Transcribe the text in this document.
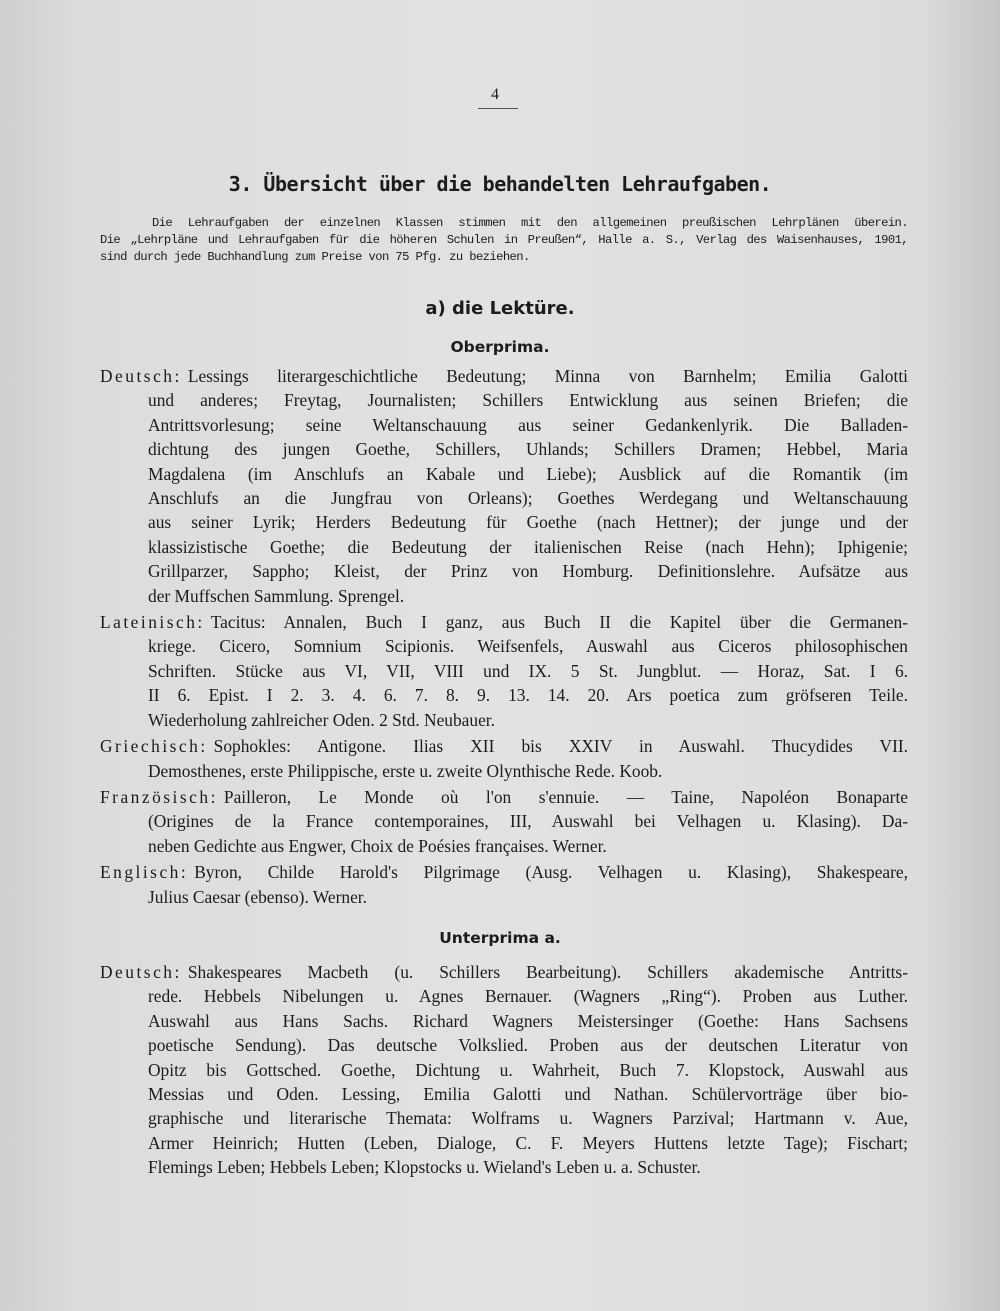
4
3. Übersicht über die behandelten Lehraufgaben.
Die Lehraufgaben der einzelnen Klassen stimmen mit den allgemeinen preußischen Lehrplänen überein.
Die „Lehrpläne und Lehraufgaben für die höheren Schulen in Preußen“, Halle a. S., Verlag des Waisenhauses, 1901,
sind durch jede Buchhandlung zum Preise von 75 Pfg. zu beziehen.
a) die Lektüre.
Oberprima.
Deutsch: Lessings literargeschichtliche Bedeutung; Minna von Barnhelm; Emilia Galotti
und anderes; Freytag, Journalisten; Schillers Entwicklung aus seinen Briefen; die
Antrittsvorlesung; seine Weltanschauung aus seiner Gedankenlyrik. Die Balladen-
dichtung des jungen Goethe, Schillers, Uhlands; Schillers Dramen; Hebbel, Maria
Magdalena (im Anschlufs an Kabale und Liebe); Ausblick auf die Romantik (im
Anschlufs an die Jungfrau von Orleans); Goethes Werdegang und Weltanschauung
aus seiner Lyrik; Herders Bedeutung für Goethe (nach Hettner); der junge und der
klassizistische Goethe; die Bedeutung der italienischen Reise (nach Hehn); Iphigenie;
Grillparzer, Sappho; Kleist, der Prinz von Homburg. Definitionslehre. Aufsätze aus
der Muffschen Sammlung. Sprengel.
Lateinisch: Tacitus: Annalen, Buch I ganz, aus Buch II die Kapitel über die Germanen-
kriege. Cicero, Somnium Scipionis. Weifsenfels, Auswahl aus Ciceros philosophischen
Schriften. Stücke aus VI, VII, VIII und IX. 5 St. Jungblut. — Horaz, Sat. I 6.
II 6. Epist. I 2. 3. 4. 6. 7. 8. 9. 13. 14. 20. Ars poetica zum gröfseren Teile.
Wiederholung zahlreicher Oden. 2 Std. Neubauer.
Griechisch: Sophokles: Antigone. Ilias XII bis XXIV in Auswahl. Thucydides VII.
Demosthenes, erste Philippische, erste u. zweite Olynthische Rede. Koob.
Französisch: Pailleron, Le Monde où l'on s'ennuie. — Taine, Napoléon Bonaparte
(Origines de la France contemporaines, III, Auswahl bei Velhagen u. Klasing). Da-
neben Gedichte aus Engwer, Choix de Poésies françaises. Werner.
Englisch: Byron, Childe Harold's Pilgrimage (Ausg. Velhagen u. Klasing), Shakespeare,
Julius Caesar (ebenso). Werner.
Unterprima a.
Deutsch: Shakespeares Macbeth (u. Schillers Bearbeitung). Schillers akademische Antritts-
rede. Hebbels Nibelungen u. Agnes Bernauer. (Wagners „Ring“). Proben aus Luther.
Auswahl aus Hans Sachs. Richard Wagners Meistersinger (Goethe: Hans Sachsens
poetische Sendung). Das deutsche Volkslied. Proben aus der deutschen Literatur von
Opitz bis Gottsched. Goethe, Dichtung u. Wahrheit, Buch 7. Klopstock, Auswahl aus
Messias und Oden. Lessing, Emilia Galotti und Nathan. Schülervorträge über bio-
graphische und literarische Themata: Wolframs u. Wagners Parzival; Hartmann v. Aue,
Armer Heinrich; Hutten (Leben, Dialoge, C. F. Meyers Huttens letzte Tage); Fischart;
Flemings Leben; Hebbels Leben; Klopstocks u. Wieland's Leben u. a. Schuster.
